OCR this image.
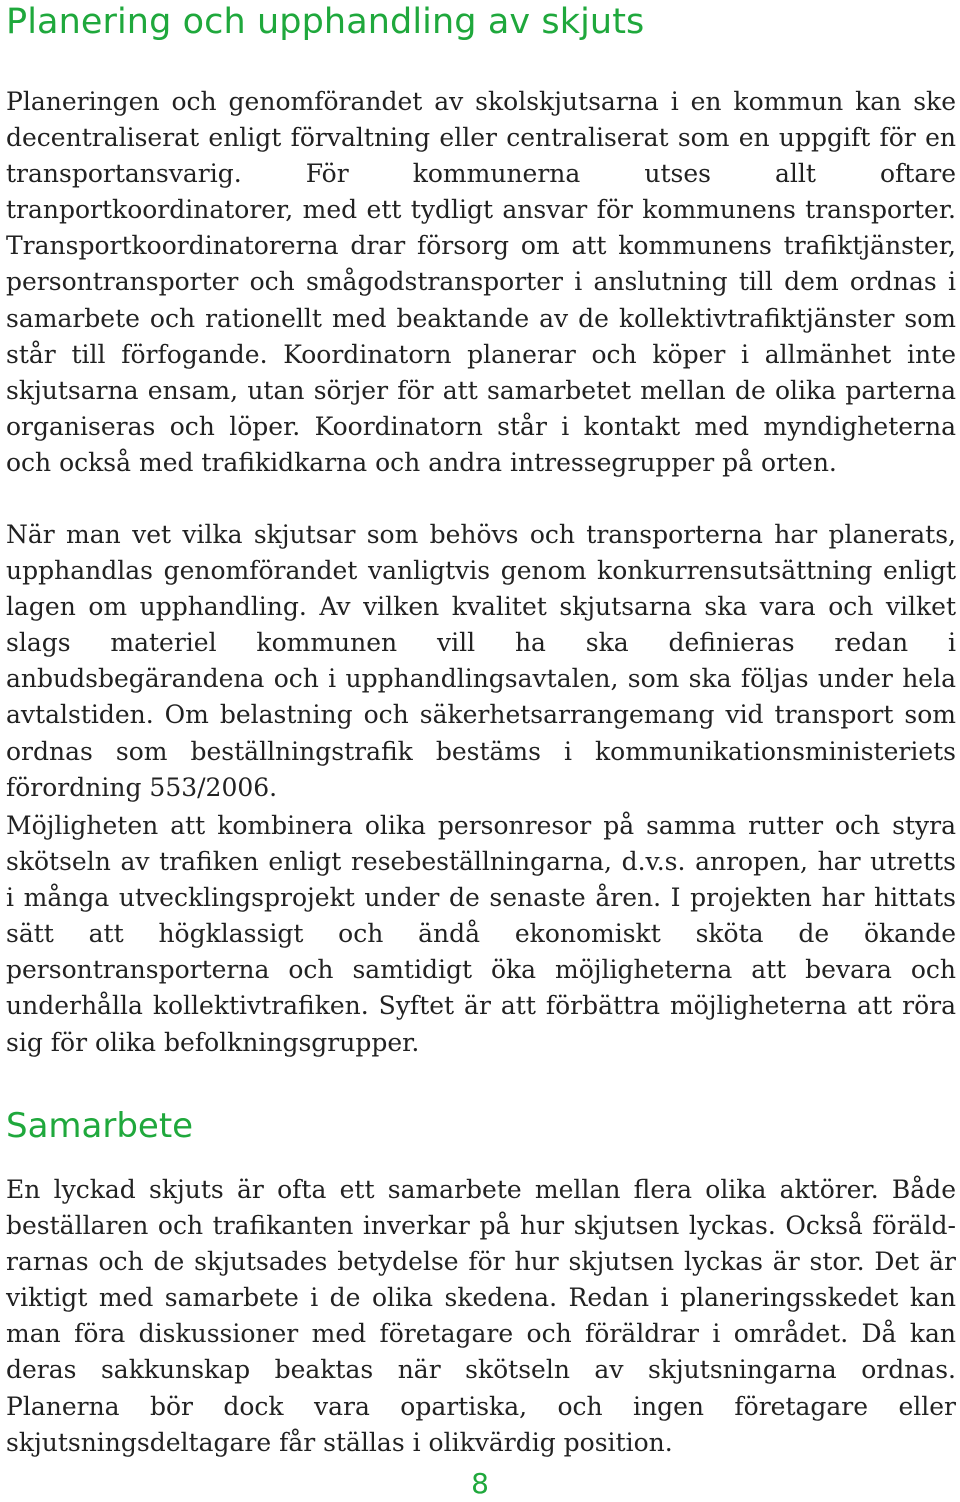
Planering och upphandling av skjuts

Planeringen och genomförandet av skolskjutsarna i en kommun kan ske decentraliserat enligt förvaltning eller centraliserat som en uppgift för en transportansvarig. För kommunerna utses allt oftare tranportkoordinatorer, med ett tydligt ansvar för kommunens transporter. Transportkoordinatorerna drar försorg om att kommunens trafiktjänster, persontransporter och smågodstransporter i anslutning till dem ordnas i samarbete och rationellt med beaktande av de kollektivtrafiktjänster som står till förfogande. Koordinatorn planerar och köper i allmänhet inte skjutsarna ensam, utan sörjer för att samarbetet mellan de olika parterna organiseras och löper. Koordinatorn står i kontakt med myndigheterna och också med trafikidkarna och andra intressegrupper på orten.

När man vet vilka skjutsar som behövs och transporterna har planerats, upphandlas genomförandet vanligtvis genom konkurrensutsättning enligt lagen om upphandling. Av vilken kvalitet skjutsarna ska vara och vilket slags materiel kommunen vill ha ska definieras redan i anbudsbegärandena och i upphandlingsavtalen, som ska följas under hela avtalstiden. Om belastning och säkerhetsarrangemang vid transport som ordnas som beställningstrafik bestäms i kommunikationsministeriets förordning 553/2006.

Möjligheten att kombinera olika personresor på samma rutter och styra skötseln av trafiken enligt resebeställningarna, d.v.s. anropen, har utretts i många utvecklingsprojekt under de senaste åren. I projekten har hittats sätt att högklassigt och ändå ekonomiskt sköta de ökande persontransporterna och samtidigt öka möjligheterna att bevara och underhålla kollektivtrafiken. Syftet är att förbättra möjligheterna att röra sig för olika befolkningsgrupper.

Samarbete

En lyckad skjuts är ofta ett samarbete mellan flera olika aktörer. Både beställaren och trafikanten inverkar på hur skjutsen lyckas. Också föräldrarnas och de skjutsades betydelse för hur skjutsen lyckas är stor. Det är viktigt med samarbete i de olika skedena. Redan i planeringsskedet kan man föra diskussioner med företagare och föräldrar i området. Då kan deras sakkunskap beaktas när skötseln av skjutsningarna ordnas. Planerna bör dock vara opartiska, och ingen företagare eller skjutsningsdeltagare får ställas i olikvärdig position.

8
